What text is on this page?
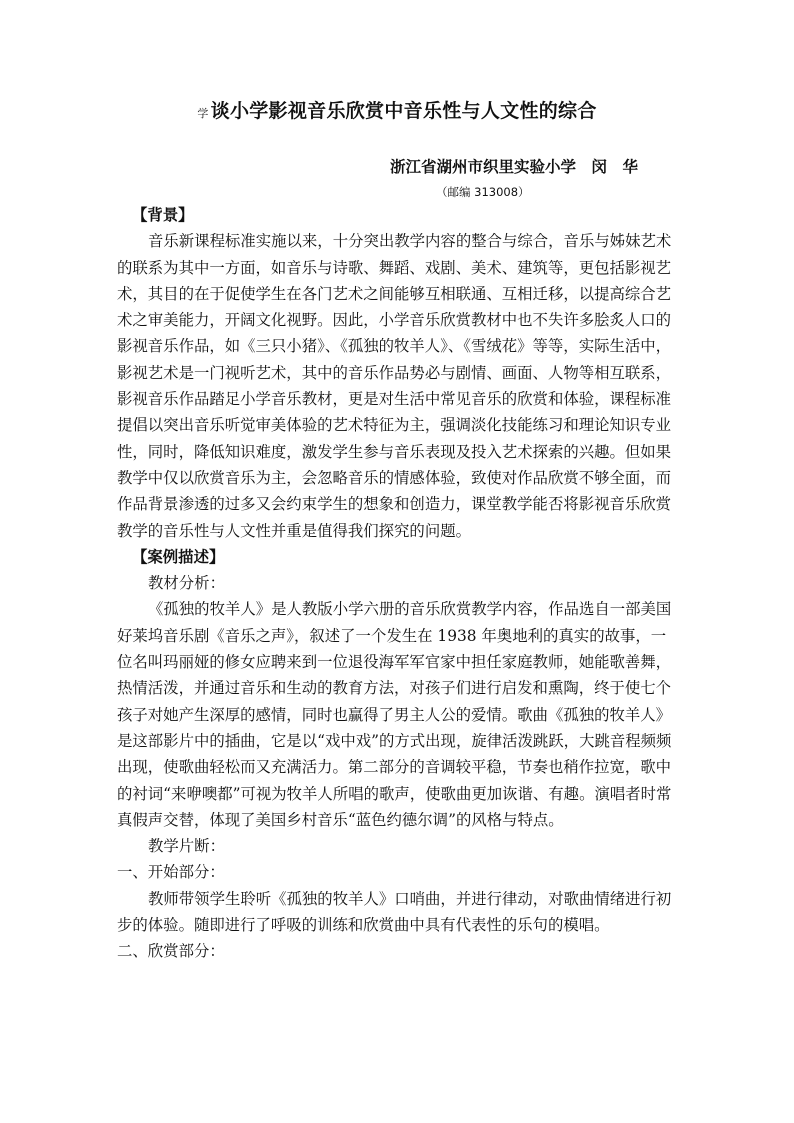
学 谈小学影视音乐欣赏中音乐性与人文性的综合
浙江省湖州市织里实验小学　闵　华
（邮编 313008）

【背景】

音乐新课程标准实施以来，十分突出教学内容的整合与综合，音乐与姊妹艺术的联系为其中一方面，如音乐与诗歌、舞蹈、戏剧、美术、建筑等，更包括影视艺术，其目的在于促使学生在各门艺术之间能够互相联通、互相迁移，以提高综合艺术之审美能力，开阔文化视野。因此，小学音乐欣赏教材中也不失许多脍炙人口的影视音乐作品，如《三只小猪》、《孤独的牧羊人》、《雪绒花》等等，实际生活中，影视艺术是一门视听艺术，其中的音乐作品势必与剧情、画面、人物等相互联系，影视音乐作品踏足小学音乐教材，更是对生活中常见音乐的欣赏和体验，课程标准提倡以突出音乐听觉审美体验的艺术特征为主，强调淡化技能练习和理论知识专业性，同时，降低知识难度，激发学生参与音乐表现及投入艺术探索的兴趣。但如果教学中仅以欣赏音乐为主，会忽略音乐的情感体验，致使对作品欣赏不够全面，而作品背景渗透的过多又会约束学生的想象和创造力，课堂教学能否将影视音乐欣赏教学的音乐性与人文性并重是值得我们探究的问题。

【案例描述】

教材分析：

《孤独的牧羊人》是人教版小学六册的音乐欣赏教学内容，作品选自一部美国好莱坞音乐剧《音乐之声》，叙述了一个发生在 1938 年奥地利的真实的故事，一位名叫玛丽娅的修女应聘来到一位退役海军军官家中担任家庭教师，她能歌善舞，热情活泼，并通过音乐和生动的教育方法，对孩子们进行启发和熏陶，终于使七个孩子对她产生深厚的感情，同时也赢得了男主人公的爱情。歌曲《孤独的牧羊人》是这部影片中的插曲，它是以“戏中戏”的方式出现，旋律活泼跳跃，大跳音程频频出现，使歌曲轻松而又充满活力。第二部分的音调较平稳，节奏也稍作拉宽，歌中的衬词“来咿噢都”可视为牧羊人所唱的歌声，使歌曲更加诙谐、有趣。演唱者时常真假声交替，体现了美国乡村音乐“蓝色约德尔调”的风格与特点。

教学片断：

一、开始部分：

教师带领学生聆听《孤独的牧羊人》口哨曲，并进行律动，对歌曲情绪进行初步的体验。随即进行了呼吸的训练和欣赏曲中具有代表性的乐句的模唱。

二、欣赏部分：
